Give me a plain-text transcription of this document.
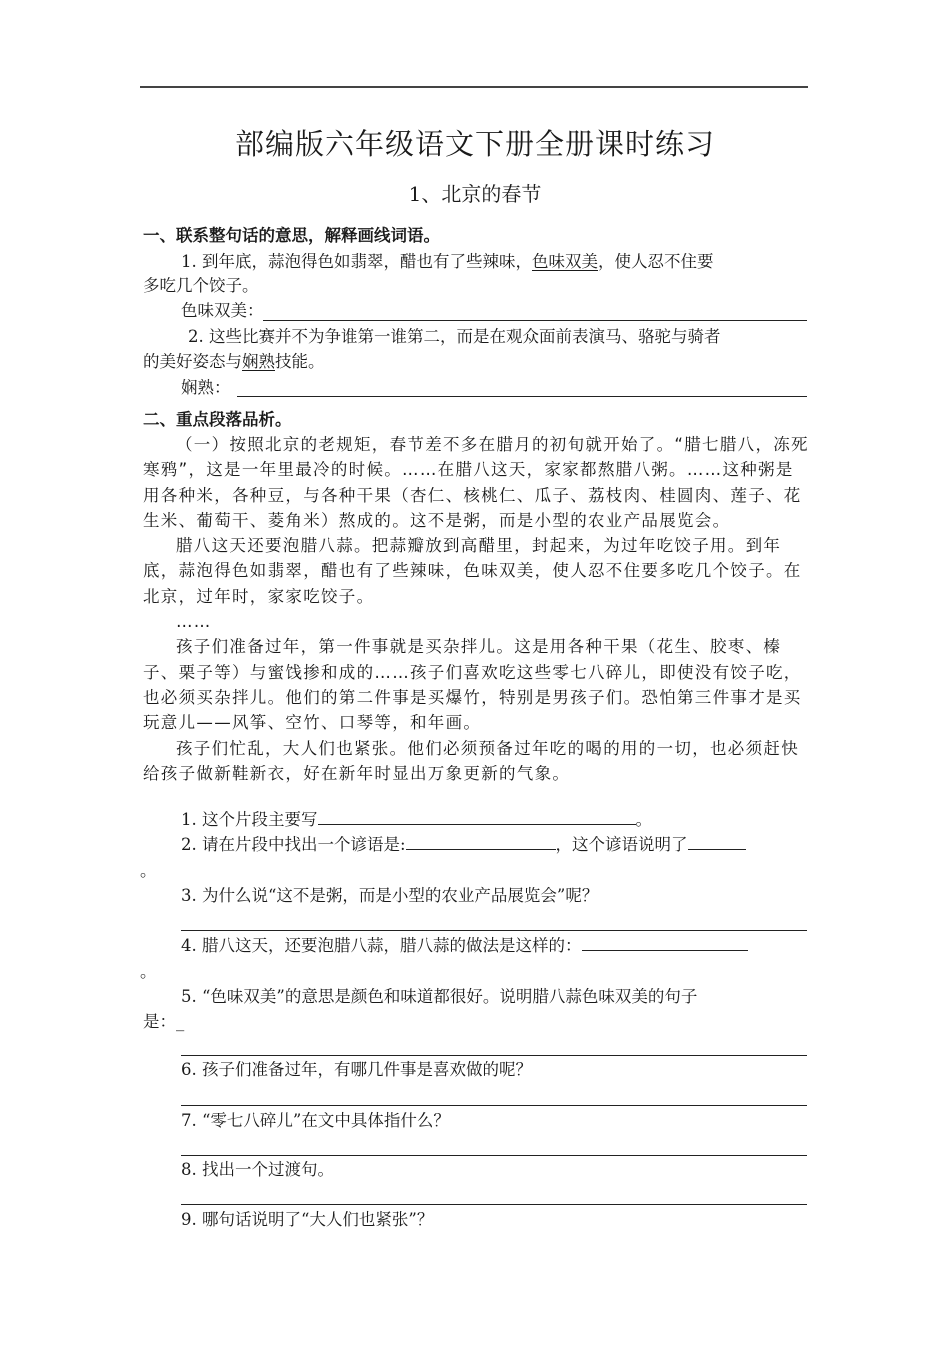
部编版六年级语文下册全册课时练习
1、北京的春节
一、联系整句话的意思，解释画线词语。
1. 到年底，蒜泡得色如翡翠，醋也有了些辣味，色味双美，使人忍不住要
多吃几个饺子。
色味双美：
2. 这些比赛并不为争谁第一谁第二，而是在观众面前表演马、骆驼与骑者
的美好姿态与娴熟技能。
娴熟：
二、重点段落品析。

（一）按照北京的老规矩，春节差不多在腊月的初旬就开始了。“腊七腊八，冻死寒鸦”，这是一年里最冷的时候。……在腊八这天，家家都熬腊八粥。……这种粥是用各种米，各种豆，与各种干果（杏仁、核桃仁、瓜子、荔枝肉、桂圆肉、莲子、花生米、葡萄干、菱角米）熬成的。这不是粥，而是小型的农业产品展览会。

腊八这天还要泡腊八蒜。把蒜瓣放到高醋里，封起来，为过年吃饺子用。到年底，蒜泡得色如翡翠，醋也有了些辣味，色味双美，使人忍不住要多吃几个饺子。在北京，过年时，家家吃饺子。

……

孩子们准备过年，第一件事就是买杂拌儿。这是用各种干果（花生、胶枣、榛子、栗子等）与蜜饯掺和成的……孩子们喜欢吃这些零七八碎儿，即使没有饺子吃，也必须买杂拌儿。他们的第二件事是买爆竹，特别是男孩子们。恐怕第三件事才是买玩意儿——风筝、空竹、口琴等，和年画。

孩子们忙乱，大人们也紧张。他们必须预备过年吃的喝的用的一切，也必须赶快给孩子做新鞋新衣，好在新年时显出万象更新的气象。

1. 这个片段主要写	。
2. 请在片段中找出一个谚语是:	，这个谚语说明了
。
3. 为什么说“这不是粥，而是小型的农业产品展览会”呢？
4. 腊八这天，还要泡腊八蒜，腊八蒜的做法是这样的：
。
5. “色味双美”的意思是颜色和味道都很好。说明腊八蒜色味双美的句子
是：_
6. 孩子们准备过年，有哪几件事是喜欢做的呢？
7. “零七八碎儿”在文中具体指什么？
8. 找出一个过渡句。
9. 哪句话说明了“大人们也紧张”？
